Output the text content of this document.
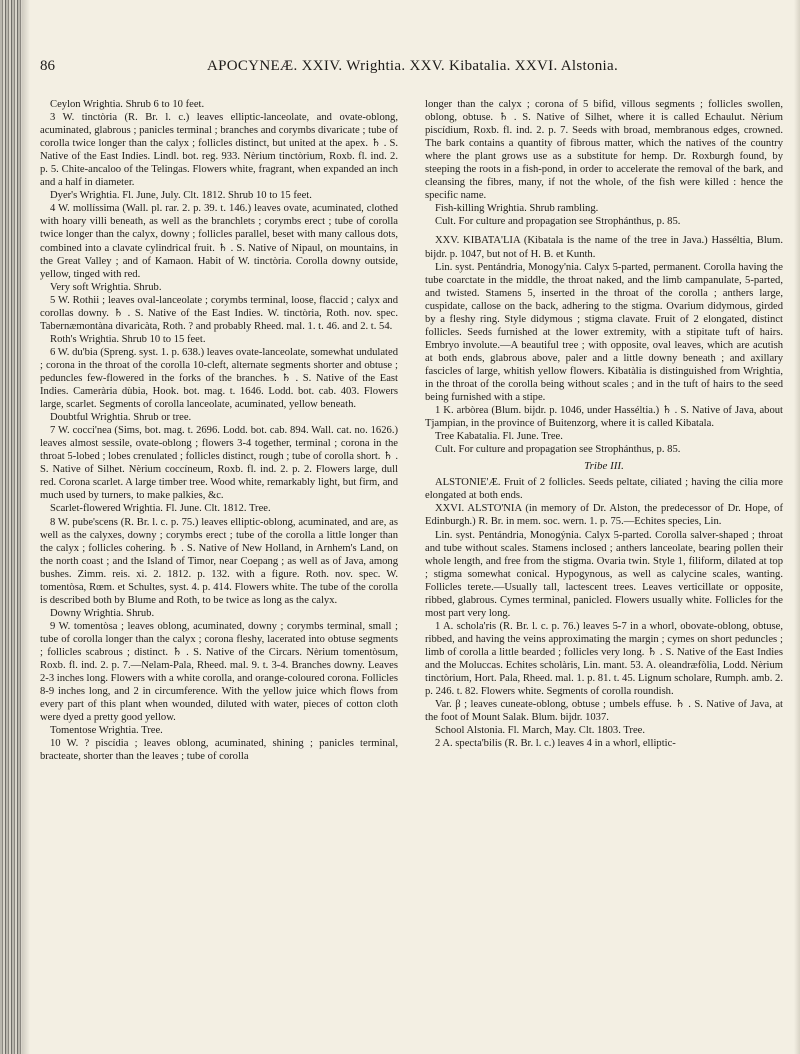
86	APOCYNEÆ. XXIV. Wrightia. XXV. Kibatalia. XXVI. Alstonia.

Ceylon Wrightia. Shrub 6 to 10 feet.

3 W. tinctòria (R. Br. l. c.) leaves elliptic-lanceolate, and ovate-oblong, acuminated, glabrous ; panicles terminal ; branches and corymbs divaricate ; tube of corolla twice longer than the calyx ; follicles distinct, but united at the apex. ♄ . S. Native of the East Indies. Lindl. bot. reg. 933. Nèrium tinctòrium, Roxb. fl. ind. 2. p. 5. Chite-ancaloo of the Telingas. Flowers white, fragrant, when expanded an inch and a half in diameter.

Dyer's Wrightia. Fl. June, July. Clt. 1812. Shrub 10 to 15 feet.

4 W. mollíssima (Wall. pl. rar. 2. p. 39. t. 146.) leaves ovate, acuminated, clothed with hoary villi beneath, as well as the branchlets ; corymbs erect ; tube of corolla twice longer than the calyx, downy ; follicles parallel, beset with many callous dots, combined into a clavate cylindrical fruit. ♄ . S. Native of Nipaul, on mountains, in the Great Valley ; and of Kamaon. Habit of W. tinctòria. Corolla downy outside, yellow, tinged with red.

Very soft Wrightia. Shrub.

5 W. Rothii ; leaves oval-lanceolate ; corymbs terminal, loose, flaccid ; calyx and corollas downy. ♄ . S. Native of the East Indies. W. tinctòria, Roth. nov. spec. Tabernæmontàna divaricàta, Roth. ? and probably Rheed. mal. 1. t. 46. and 2. t. 54.

Roth's Wrightia. Shrub 10 to 15 feet.

6 W. du'bia (Spreng. syst. 1. p. 638.) leaves ovate-lanceolate, somewhat undulated ; corona in the throat of the corolla 10-cleft, alternate segments shorter and obtuse ; peduncles few-flowered in the forks of the branches. ♄ . S. Native of the East Indies. Camerària dùbia, Hook. bot. mag. t. 1646. Lodd. bot. cab. 403. Flowers large, scarlet. Segments of corolla lanceolate, acuminated, yellow beneath.

Doubtful Wrightia. Shrub or tree.

7 W. cocci'nea (Sims, bot. mag. t. 2696. Lodd. bot. cab. 894. Wall. cat. no. 1626.) leaves almost sessile, ovate-oblong ; flowers 3-4 together, terminal ; corona in the throat 5-lobed ; lobes crenulated ; follicles distinct, rough ; tube of corolla short. ♄ . S. Native of Silhet. Nèrium coccíneum, Roxb. fl. ind. 2. p. 2. Flowers large, dull red. Corona scarlet. A large timber tree. Wood white, remarkably light, but firm, and much used by turners, to make palkies, &c.

Scarlet-flowered Wrightia. Fl. June. Clt. 1812. Tree.

8 W. pube'scens (R. Br. l. c. p. 75.) leaves elliptic-oblong, acuminated, and are, as well as the calyxes, downy ; corymbs erect ; tube of the corolla a little longer than the calyx ; follicles cohering. ♄ . S. Native of New Holland, in Arnhem's Land, on the north coast ; and the Island of Timor, near Coepang ; as well as of Java, among bushes. Zimm. reis. xi. 2. 1812. p. 132. with a figure. Roth. nov. spec. W. tomentòsa, Rœm. et Schultes, syst. 4. p. 414. Flowers white. The tube of the corolla is described both by Blume and Roth, to be twice as long as the calyx.

Downy Wrightia. Shrub.

9 W. tomentòsa ; leaves oblong, acuminated, downy ; corymbs terminal, small ; tube of corolla longer than the calyx ; corona fleshy, lacerated into obtuse segments ; follicles scabrous ; distinct. ♄ . S. Native of the Circars. Nèrium tomentòsum, Roxb. fl. ind. 2. p. 7.—Nelam-Pala, Rheed. mal. 9. t. 3-4. Branches downy. Leaves 2-3 inches long. Flowers with a white corolla, and orange-coloured corona. Follicles 8-9 inches long, and 2 in circumference. With the yellow juice which flows from every part of this plant when wounded, diluted with water, pieces of cotton cloth were dyed a pretty good yellow.

Tomentose Wrightia. Tree.

10 W. ? piscídia ; leaves oblong, acuminated, shining ; panicles terminal, bracteate, shorter than the leaves ; tube of corolla

longer than the calyx ; corona of 5 bifid, villous segments ; follicles swollen, oblong, obtuse. ♄ . S. Native of Silhet, where it is called Echaulut. Nèrium piscídium, Roxb. fl. ind. 2. p. 7. Seeds with broad, membranous edges, crowned. The bark contains a quantity of fibrous matter, which the natives of the country where the plant grows use as a substitute for hemp. Dr. Roxburgh found, by steeping the roots in a fish-pond, in order to accelerate the removal of the bark, and cleansing the fibres, many, if not the whole, of the fish were killed : hence the specific name.

Fish-killing Wrightia. Shrub rambling.

Cult. For culture and propagation see Strophánthus, p. 85.

XXV. KIBATA'LIA (Kibatala is the name of the tree in Java.) Hasséltia, Blum. bijdr. p. 1047, but not of H. B. et Kunth.

Lin. syst. Pentándria, Monogy'nia. Calyx 5-parted, permanent. Corolla having the tube coarctate in the middle, the throat naked, and the limb campanulate, 5-parted, and twisted. Stamens 5, inserted in the throat of the corolla ; anthers large, cuspidate, callose on the back, adhering to the stigma. Ovarium didymous, girded by a fleshy ring. Style didymous ; stigma clavate. Fruit of 2 elongated, distinct follicles. Seeds furnished at the lower extremity, with a stipitate tuft of hairs. Embryo involute.—A beautiful tree ; with opposite, oval leaves, which are acutish at both ends, glabrous above, paler and a little downy beneath ; and axillary fascicles of large, whitish yellow flowers. Kibatàlia is distinguished from Wrightia, in the throat of the corolla being without scales ; and in the tuft of hairs to the seed being furnished with a stipe.

1 K. arbòrea (Blum. bijdr. p. 1046, under Hasséltia.) ♄ . S. Native of Java, about Tjampian, in the province of Buitenzorg, where it is called Kibatala.

Tree Kabatalia. Fl. June. Tree.

Cult. For culture and propagation see Strophánthus, p. 85.

Tribe III.

ALSTONIE'Æ. Fruit of 2 follicles. Seeds peltate, ciliated ; having the cilia more elongated at both ends.

XXVI. ALSTO'NIA (in memory of Dr. Alston, the predecessor of Dr. Hope, of Edinburgh.) R. Br. in mem. soc. wern. 1. p. 75.—Echites species, Lin.

Lin. syst. Pentándria, Monogýnia. Calyx 5-parted. Corolla salver-shaped ; throat and tube without scales. Stamens inclosed ; anthers lanceolate, bearing pollen their whole length, and free from the stigma. Ovaria twin. Style 1, filiform, dilated at top ; stigma somewhat conical. Hypogynous, as well as calycine scales, wanting. Follicles terete.—Usually tall, lactescent trees. Leaves verticillate or opposite, ribbed, glabrous. Cymes terminal, panicled. Flowers usually white. Follicles for the most part very long.

1 A. schola'ris (R. Br. l. c. p. 76.) leaves 5-7 in a whorl, obovate-oblong, obtuse, ribbed, and having the veins approximating the margin ; cymes on short peduncles ; limb of corolla a little bearded ; follicles very long. ♄ . S. Native of the East Indies and the Moluccas. Echites scholàris, Lin. mant. 53. A. oleandræfòlia, Lodd. Nèrium tinctòrium, Hort. Pala, Rheed. mal. 1. p. 81. t. 45. Lignum scholare, Rumph. amb. 2. p. 246. t. 82. Flowers white. Segments of corolla roundish.

Var. β ; leaves cuneate-oblong, obtuse ; umbels effuse. ♄ . S. Native of Java, at the foot of Mount Salak. Blum. bijdr. 1037.

School Alstonia. Fl. March, May. Clt. 1803. Tree.

2 A. specta'bilis (R. Br. l. c.) leaves 4 in a whorl, elliptic-
